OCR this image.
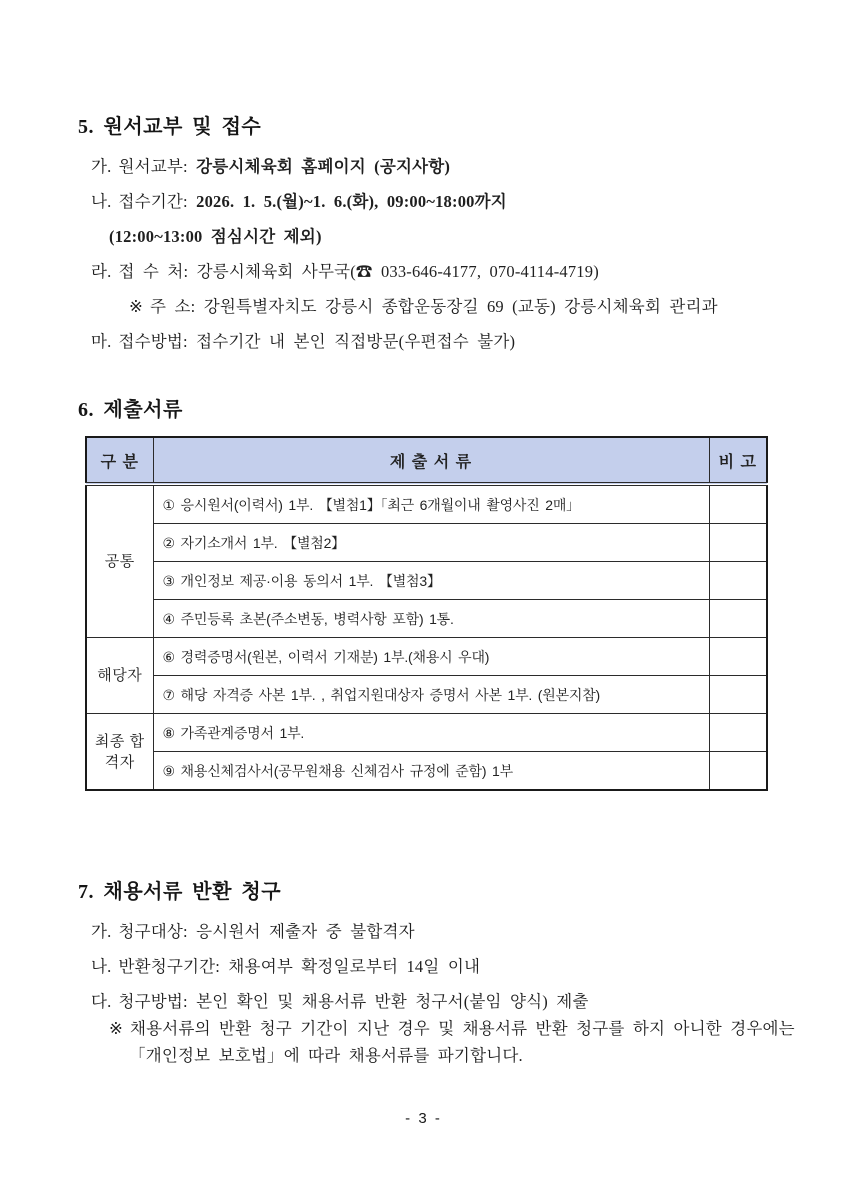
5. 원서교부 및 접수
가. 원서교부: 강릉시체육회 홈페이지 (공지사항)
나. 접수기간: 2026. 1. 5.(월)~1. 6.(화), 09:00~18:00까지
(12:00~13:00 점심시간 제외)
라. 접 수 처: 강릉시체육회 사무국(☎ 033-646-4177, 070-4114-4719)
※ 주 소: 강원특별자치도 강릉시 종합운동장길 69 (교동) 강릉시체육회 관리과
마. 접수방법: 접수기간 내 본인 직접방문(우편접수 불가)
6. 제출서류
구 분	제 출 서 류	비 고
공통	① 응시원서(이력서) 1부. 【별첨1】「최근 6개월이내 촬영사진 2매」	
	② 자기소개서 1부. 【별첨2】	
	③ 개인정보 제공·이용 동의서 1부. 【별첨3】	
	④ 주민등록 초본(주소변동, 병력사항 포함) 1통.	
해당자	⑥ 경력증명서(원본, 이력서 기재분) 1부.(채용시 우대)	
	⑦ 해당 자격증 사본 1부. , 취업지원대상자 증명서 사본 1부. (원본지참)	
최종 합격자	⑧ 가족관계증명서 1부.	
	⑨ 채용신체검사서(공무원채용 신체검사 규정에 준함) 1부	
7. 채용서류 반환 청구
가. 청구대상: 응시원서 제출자 중 불합격자
나. 반환청구기간: 채용여부 확정일로부터 14일 이내
다. 청구방법: 본인 확인 및 채용서류 반환 청구서(붙임 양식) 제출
※ 채용서류의 반환 청구 기간이 지난 경우 및 채용서류 반환 청구를 하지 아니한 경우에는
「개인정보 보호법」에 따라 채용서류를 파기합니다.
- 3 -
